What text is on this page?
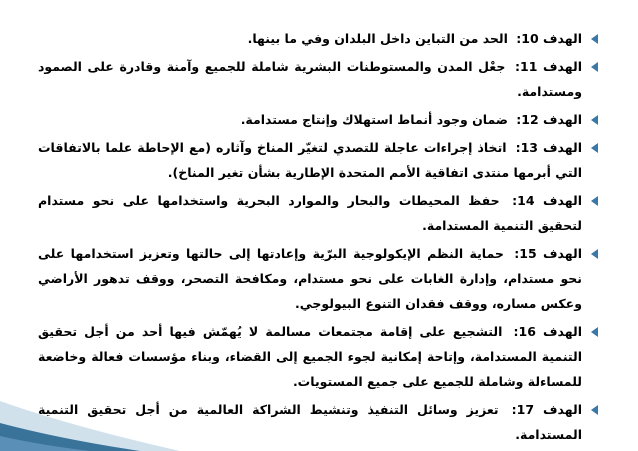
الهدف 10: الحد من التباين داخل البلدان وفي ما بينها.
الهدف 11: جعْل المدن والمستوطنات البشرية شاملة للجميع وآمنة وقادرة على الصمود ومستدامة.
الهدف 12: ضمان وجود أنماط استهلاك وإنتاج مستدامة.
الهدف 13: اتخاذ إجراءات عاجلة للتصدي لتغيّر المناخ وآثاره (مع الإحاطة علما بالاتفاقات التي أبرمها منتدى اتفاقية الأمم المتحدة الإطارية بشأن تغير المناخ).
الهدف 14: حفظ المحيطات والبحار والموارد البحرية واستخدامها على نحو مستدام لتحقيق التنمية المستدامة.
الهدف 15: حماية النظم الإيكولوجية البرّية وإعادتها إلى حالتها وتعزيز استخدامها على نحو مستدام، وإدارة الغابات على نحو مستدام، ومكافحة التصحر، ووقف تدهور الأراضي وعكس مساره، ووقف فقدان التنوع البيولوجي.
الهدف 16: التشجيع على إقامة مجتمعات مسالمة لا يُهمّش فيها أحد من أجل تحقيق التنمية المستدامة، وإتاحة إمكانية لجوء الجميع إلى القضاء، وبناء مؤسسات فعالة وخاضعة للمساءلة وشاملة للجميع على جميع المستويات.
الهدف 17: تعزيز وسائل التنفيذ وتنشيط الشراكة العالمية من أجل تحقيق التنمية المستدامة.
